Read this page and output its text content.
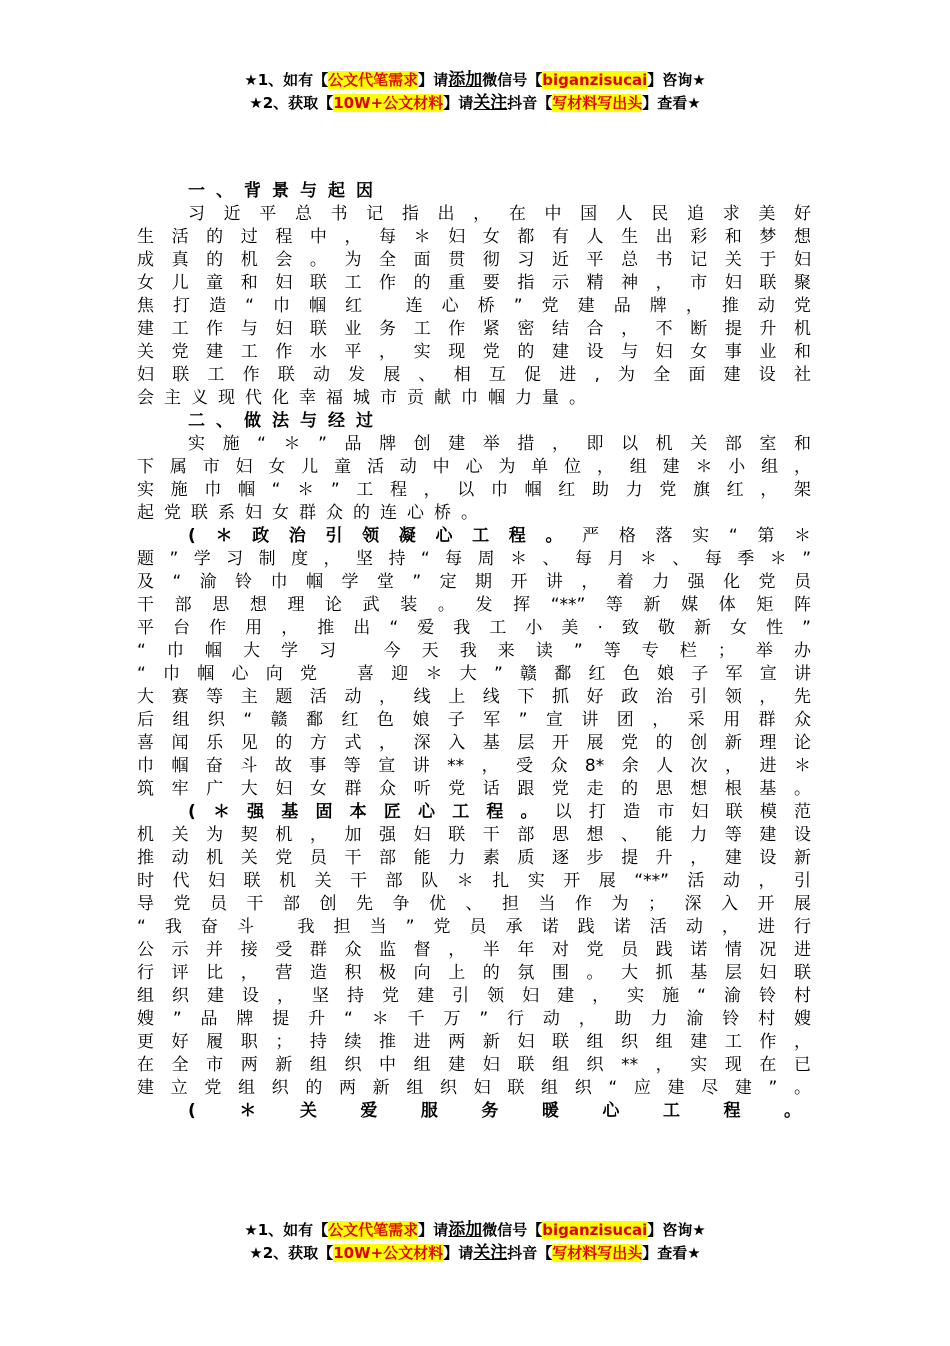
★1、如有【公文代笔需求】请添加微信号【biganzisucai】咨询★
★2、获取【10W+公文材料】请关注抖音【写材料写出头】查看★
一、背景与起因
习近平总书记指出，在中国人民追求美好
生活的过程中，每＊妇女都有人生出彩和梦想
成真的机会。为全面贯彻习近平总书记关于妇
女儿童和妇联工作的重要指示精神，市妇联聚
焦打造“巾帼红 连心桥”党建品牌，推动党
建工作与妇联业务工作紧密结合，不断提升机
关党建工作水平，实现党的建设与妇女事业和
妇联工作联动发展、相互促进,为全面建设社
会主义现代化幸福城市贡献巾帼力量。
二、做法与经过
实施“＊”品牌创建举措，即以机关部室和
下属市妇女儿童活动中心为单位，组建＊小组，
实施巾帼“＊”工程，以巾帼红助力党旗红，架
起党联系妇女群众的连心桥。
(＊政治引领凝心工程。严格落实“第＊
题”学习制度，坚持“每周＊、每月＊、每季＊”
及“渝铃巾帼学堂”定期开讲，着力强化党员
干部思想理论武装。发挥“**”等新媒体矩阵
平台作用，推出“爱我工小美·致敬新女性”
“巾帼大学习 今天我来读”等专栏；举办
“巾帼心向党 喜迎＊大”赣鄱红色娘子军宣讲
大赛等主题活动，线上线下抓好政治引领，先
后组织“赣鄱红色娘子军”宣讲团，采用群众
喜闻乐见的方式，深入基层开展党的创新理论
巾帼奋斗故事等宣讲**，受众8*余人次，进＊
筑牢广大妇女群众听党话跟党走的思想根基。
(＊强基固本匠心工程。以打造市妇联模范
机关为契机，加强妇联干部思想、能力等建设
推动机关党员干部能力素质逐步提升，建设新
时代妇联机关干部队＊扎实开展“**”活动，引
导党员干部创先争优、担当作为；深入开展
“我奋斗 我担当”党员承诺践诺活动，进行
公示并接受群众监督，半年对党员践诺情况进
行评比，营造积极向上的氛围。大抓基层妇联
组织建设，坚持党建引领妇建，实施“渝铃村
嫂”品牌提升“＊千万”行动，助力渝铃村嫂
更好履职；持续推进两新妇联组织组建工作，
在全市两新组织中组建妇联组织**，实现在已
建立党组织的两新组织妇联组织“应建尽建”。
(＊关爱服务暖心工程。
★1、如有【公文代笔需求】请添加微信号【biganzisucai】咨询★
★2、获取【10W+公文材料】请关注抖音【写材料写出头】查看★
